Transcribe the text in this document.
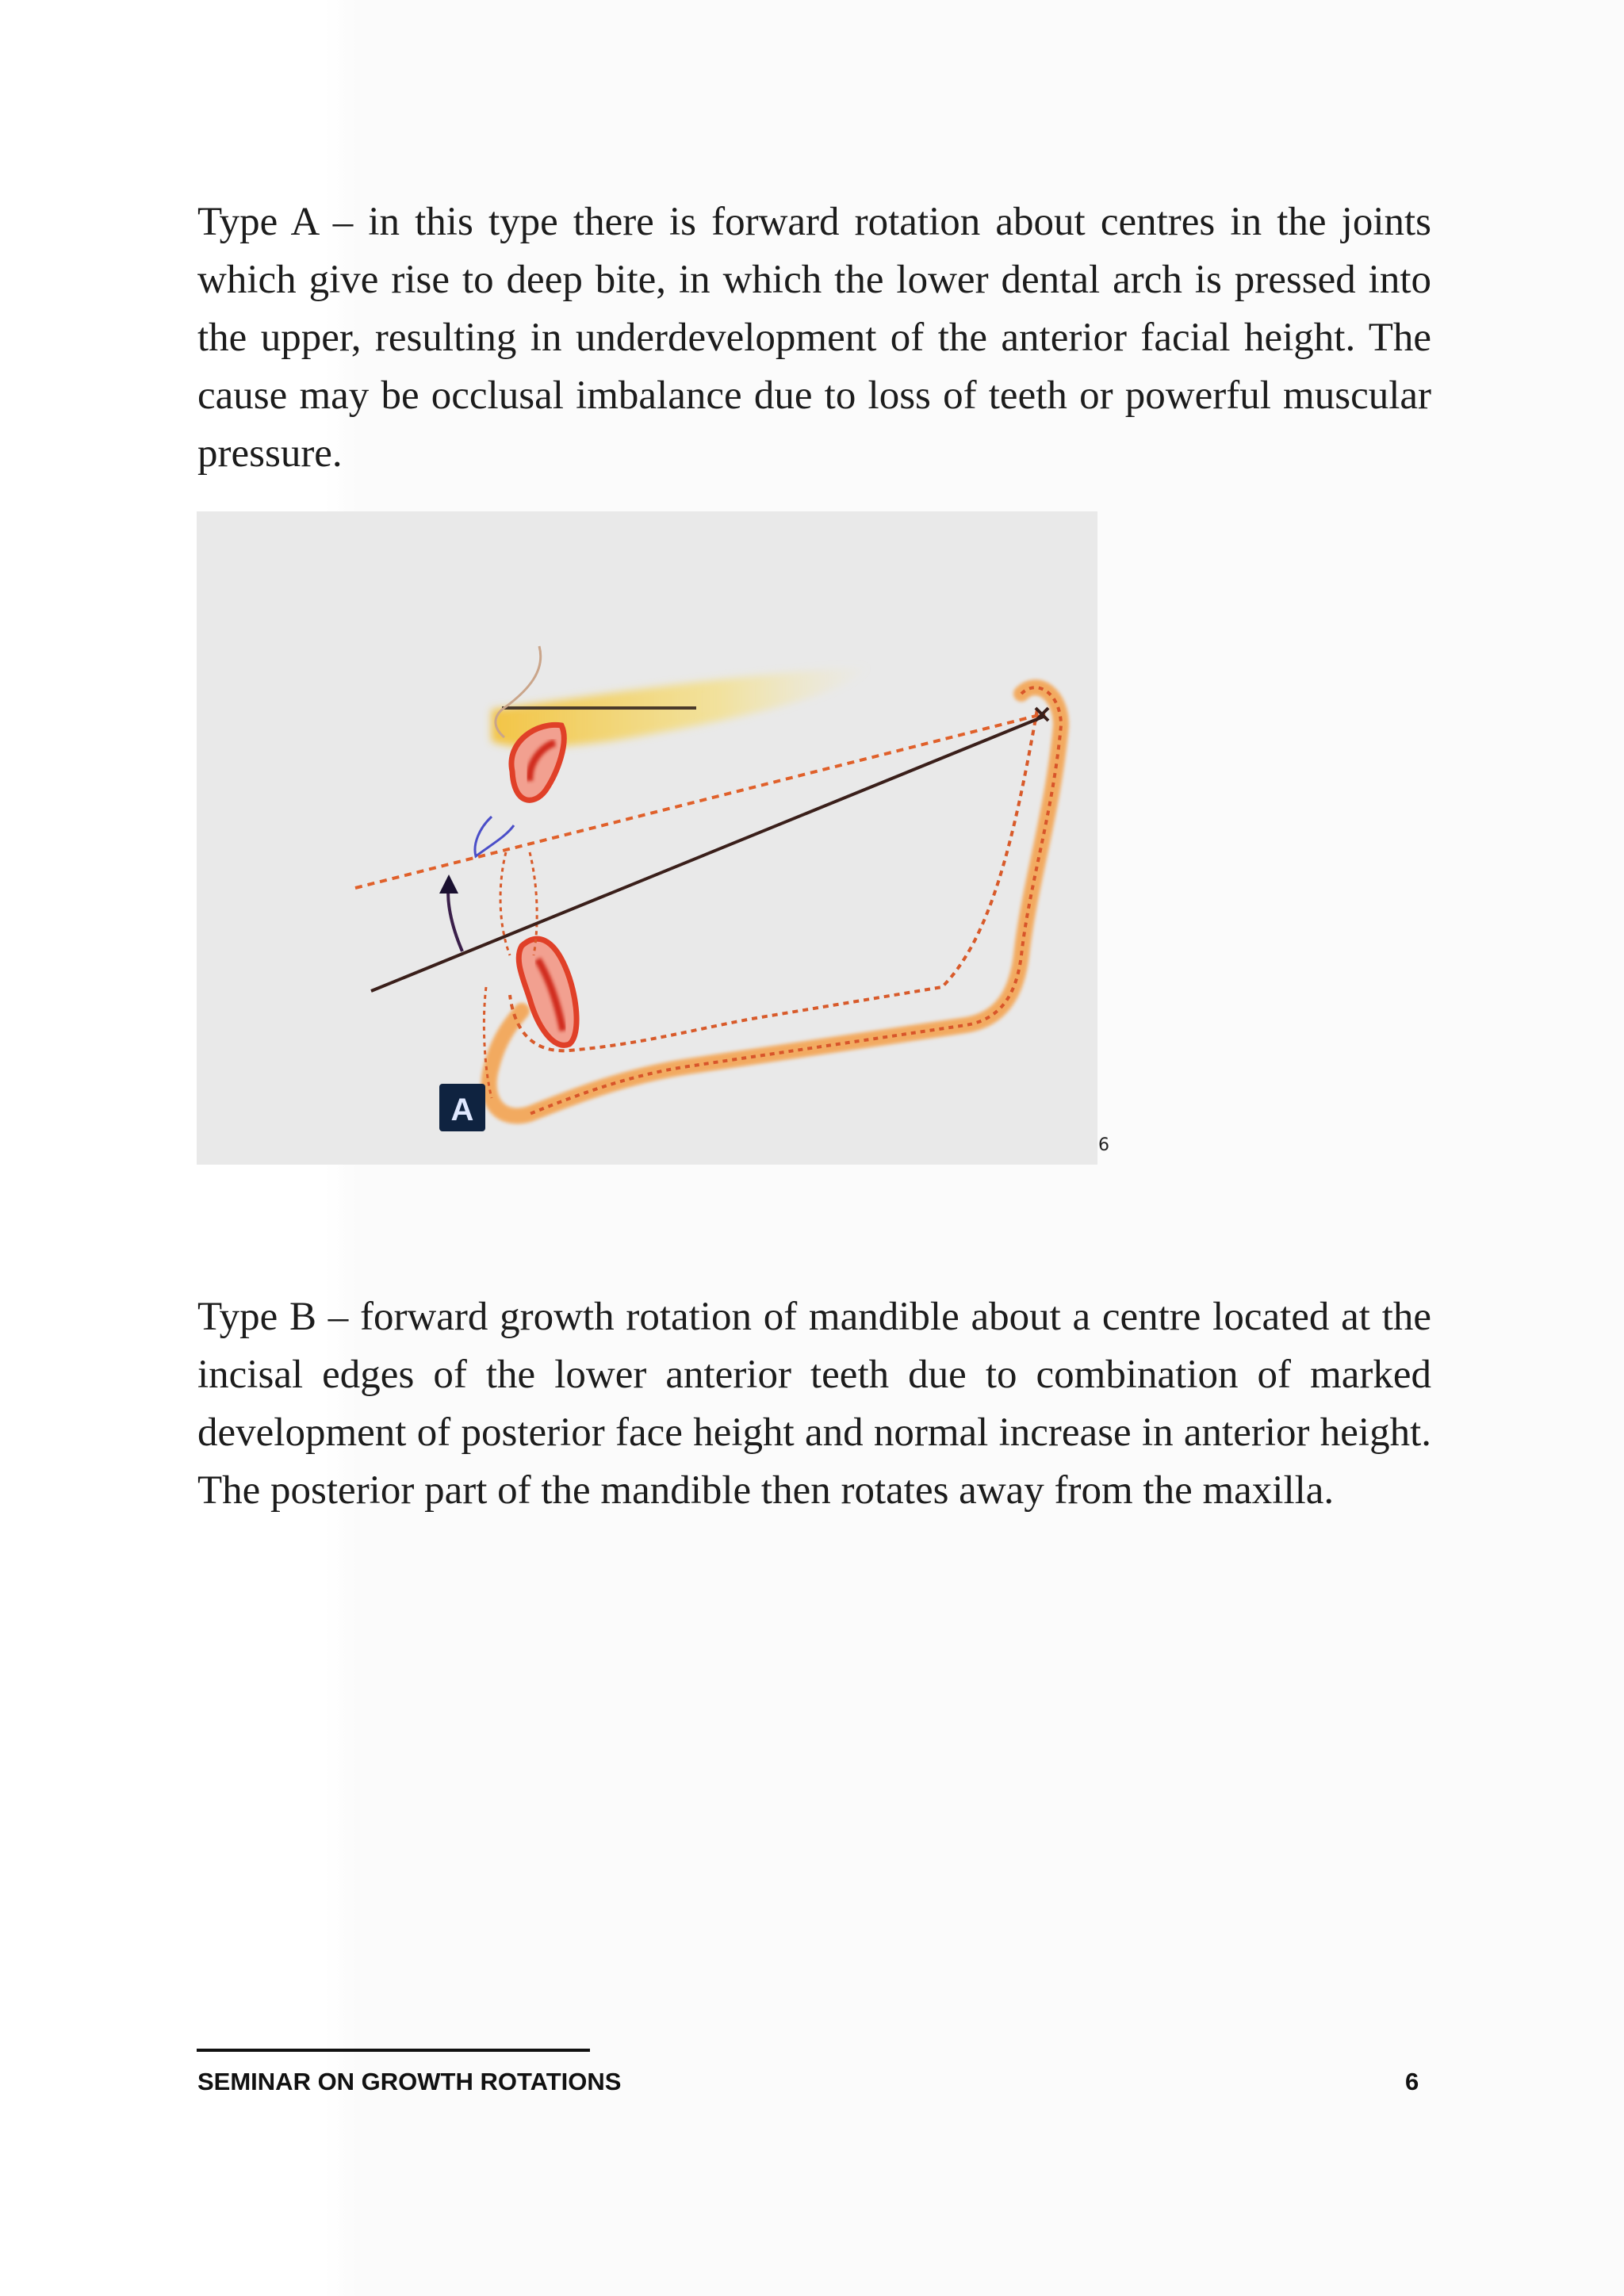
Type A – in this type there is forward rotation about centres in the joints which give rise to deep bite, in which the lower dental arch is pressed into the upper, resulting in underdevelopment of the anterior facial height. The cause may be occlusal imbalance due to loss of teeth or powerful muscular pressure.

A
6

Type B – forward growth rotation of mandible about a centre located at the incisal edges of the lower anterior teeth due to combination of marked development of posterior face height and normal increase in anterior height. The posterior part of the mandible then rotates away from the maxilla.

SEMINAR ON GROWTH ROTATIONS	6
